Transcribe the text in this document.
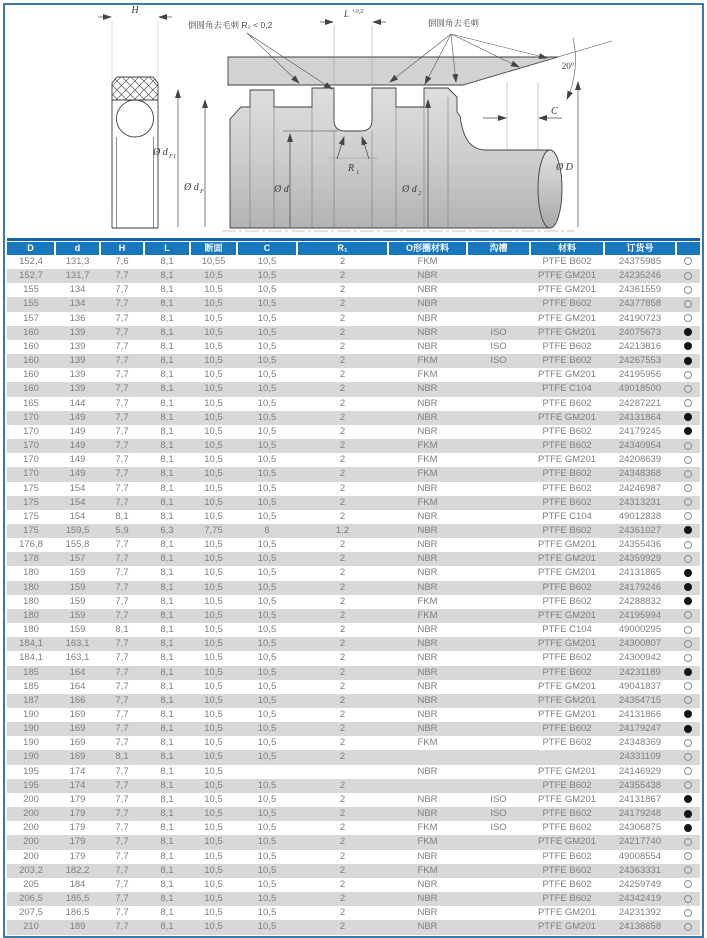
H	L +0,2
倒圆角去毛刺 R₂ < 0,2	倒圆角去毛刺
20°
C
R 1
Ø d F1
Ø d F	Ø d	Ø d 2
Ø D
D	d	H	L	断面	C	R₁	O形圈材料	沟槽	材料	订货号	
152,4	131,3	7,6	8,1	10,55	10,5	2	FKM		PTFE B602	24375985	
152,7	131,7	7,7	8,1	10,5	10,5	2	NBR		PTFE GM201	24235246	
155	134	7,7	8,1	10,5	10,5	2	NBR		PTFE GM201	24361559	
155	134	7,7	8,1	10,5	10,5	2	NBR		PTFE B602	24377858	
157	136	7,7	8,1	10,5	10,5	2	NBR		PTFE GM201	24190723	
160	139	7,7	8,1	10,5	10,5	2	NBR	ISO	PTFE GM201	24075673	
160	139	7,7	8,1	10,5	10,5	2	NBR	ISO	PTFE B602	24213816	
160	139	7,7	8,1	10,5	10,5	2	FKM	ISO	PTFE B602	24267553	
160	139	7,7	8,1	10,5	10,5	2	FKM		PTFE GM201	24195956	
160	139	7,7	8,1	10,5	10,5	2	NBR		PTFE C104	49018500	
165	144	7,7	8,1	10,5	10,5	2	NBR		PTFE B602	24287221	
170	149	7,7	8,1	10,5	10,5	2	NBR		PTFE GM201	24131864	
170	149	7,7	8,1	10,5	10,5	2	NBR		PTFE B602	24179245	
170	149	7,7	8,1	10,5	10,5	2	FKM		PTFE B602	24340954	
170	149	7,7	8,1	10,5	10,5	2	FKM		PTFE GM201	24208639	
170	149	7,7	8,1	10,5	10,5	2	FKM		PTFE B602	24348368	
175	154	7,7	8,1	10,5	10,5	2	NBR		PTFE B602	24246987	
175	154	7,7	8,1	10,5	10,5	2	FKM		PTFE B602	24313231	
175	154	8,1	8,1	10,5	10,5	2	NBR		PTFE C104	49012838	
175	159,5	5,9	6,3	7,75	8	1,2	NBR		PTFE B602	24361027	
176,8	155,8	7,7	8,1	10,5	10,5	2	NBR		PTFE GM201	24355436	
178	157	7,7	8,1	10,5	10,5	2	NBR		PTFE GM201	24359929	
180	159	7,7	8,1	10,5	10,5	2	NBR		PTFE GM201	24131865	
180	159	7,7	8,1	10,5	10,5	2	NBR		PTFE B602	24179246	
180	159	7,7	8,1	10,5	10,5	2	FKM		PTFE B602	24288832	
180	159	7,7	8,1	10,5	10,5	2	FKM		PTFE GM201	24195994	
180	159	8,1	8,1	10,5	10,5	2	NBR		PTFE C104	49000295	
184,1	163,1	7,7	8,1	10,5	10,5	2	NBR		PTFE GM201	24300807	
184,1	163,1	7,7	8,1	10,5	10,5	2	NBR		PTFE B602	24300942	
185	164	7,7	8,1	10,5	10,5	2	NBR		PTFE B602	24231189	
185	164	7,7	8,1	10,5	10,5	2	NBR		PTFE GM201	49041837	
187	166	7,7	8,1	10,5	10,5	2	NBR		PTFE GM201	24354715	
190	169	7,7	8,1	10,5	10,5	2	NBR		PTFE GM201	24131866	
190	169	7,7	8,1	10,5	10,5	2	NBR		PTFE B602	24179247	
190	169	7,7	8,1	10,5	10,5	2	FKM		PTFE B602	24348369	
190	169	8,1	8,1	10,5	10,5	2				24331109	
195	174	7,7	8,1	10,5			NBR		PTFE GM201	24146929	
195	174	7,7	8,1	10,5	10,5	2			PTFE B602	24355438	
200	179	7,7	8,1	10,5	10,5	2	NBR	ISO	PTFE GM201	24131867	
200	179	7,7	8,1	10,5	10,5	2	NBR	ISO	PTFE B602	24179248	
200	179	7,7	8,1	10,5	10,5	2	FKM	ISO	PTFE B602	24306875	
200	179	7,7	8,1	10,5	10,5	2	FKM		PTFE GM201	24217740	
200	179	7,7	8,1	10,5	10,5	2	NBR		PTFE B602	49008554	
203,2	182,2	7,7	8,1	10,5	10,5	2	FKM		PTFE B602	24363331	
205	184	7,7	8,1	10,5	10,5	2	NBR		PTFE B602	24259749	
206,5	185,5	7,7	8,1	10,5	10,5	2	NBR		PTFE B602	24342419	
207,5	186,5	7,7	8,1	10,5	10,5	2	NBR		PTFE GM201	24231392	
210	189	7,7	8,1	10,5	10,5	2	NBR		PTFE GM201	24138658	
